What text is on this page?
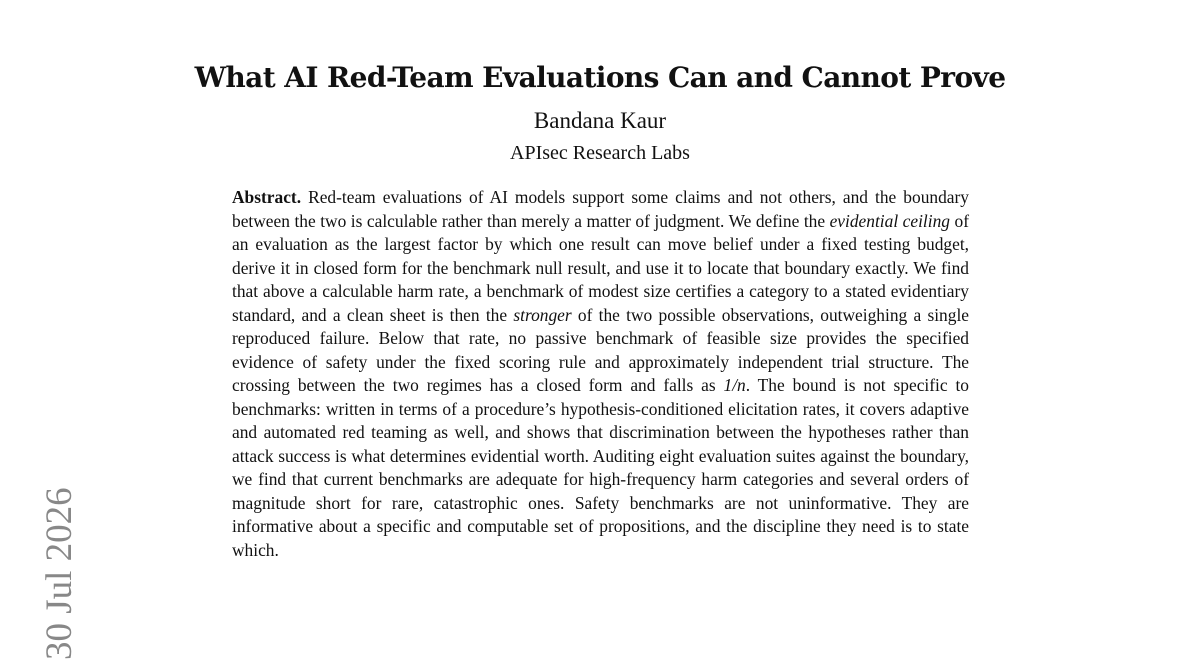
What AI Red-Team Evaluations Can and Cannot Prove
Bandana Kaur
APIsec Research Labs

Abstract. Red-team evaluations of AI models support some claims and not others, and the boundary between the two is calculable rather than merely a matter of judgment. We define the evidential ceiling of an evaluation as the largest factor by which one result can move belief under a fixed testing budget, derive it in closed form for the benchmark null result, and use it to locate that boundary exactly. We find that above a calculable harm rate, a benchmark of modest size certifies a category to a stated evidentiary standard, and a clean sheet is then the stronger of the two possible observations, outweighing a single reproduced failure. Below that rate, no passive benchmark of feasible size provides the specified evidence of safety under the fixed scoring rule and approximately independent trial structure. The crossing between the two regimes has a closed form and falls as 1/n. The bound is not specific to benchmarks: written in terms of a procedure’s hypothesis-conditioned elicitation rates, it covers adaptive and automated red teaming as well, and shows that discrimination between the hypotheses rather than attack success is what determines evidential worth. Auditing eight evaluation suites against the boundary, we find that current benchmarks are adequate for high-frequency harm categories and several orders of magnitude short for rare, catastrophic ones. Safety benchmarks are not uninformative. They are informative about a specific and computable set of propositions, and the discipline they need is to state which.

30 Jul 2026
